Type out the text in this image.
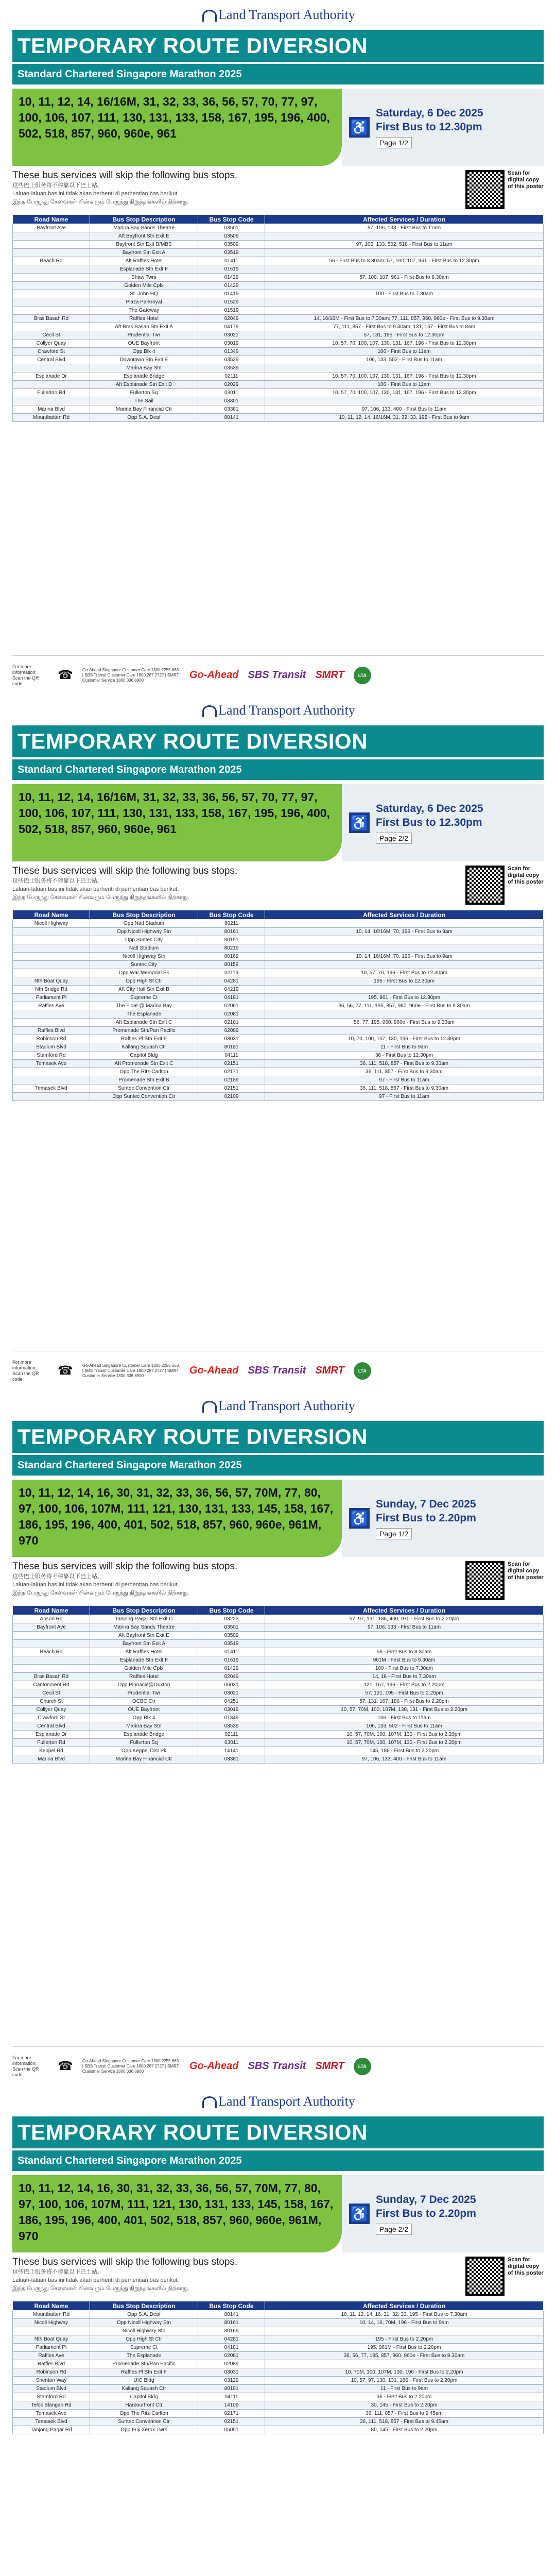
Land Transport Authority
TEMPORARY ROUTE DIVERSION
Standard Chartered Singapore Marathon 2025

10, 11, 12, 14, 16/16M, 31, 32, 33, 36, 56, 57, 70, 77, 97, 100, 106, 107, 111, 130, 131, 133, 158, 167, 195, 196, 400, 502, 518, 857, 960, 960e, 961	♿
Saturday, 6 Dec 2025
First Bus to 12.30pm
Page 1/2

These bus services will skip the following bus stops.

这些巴士服务将不停靠以下巴士站。

Laluan-laluan bas ini tidak akan berhenti di perhentian bas berikut.

இந்த பேருந்து சேவைகள் பின்வரும் பேருந்து நிறுத்தங்களில் நிற்காது.

Scan for digital copy of this poster
Road Name	Bus Stop Description	Bus Stop Code	Affected Services / Duration
Bayfront Ave	Marina Bay Sands Theatre	03501	97, 106, 133 - First Bus to 11am
	Aft Bayfront Stn Exit E	03509	
	Bayfront Stn Exit B/MBS	03509	97, 106, 133, 502, 518 - First Bus to 11am
	Bayfront Stn Exit A	03519	
Beach Rd	Aft Raffles Hotel	01411	56 - First Bus to 8.30am; 57, 100, 107, 961 - First Bus to 12.30pm
	Esplanade Stn Exit F	01619	
	Shaw Twrs	01429	57, 100, 107, 961 - First Bus to 9.30am
	Golden Mile Cplx	01429	
	St. John HQ	01419	100 - First Bus to 7.30am
	Plaza Parkroyal	01529	
	The Gateway	01519	
Bras Basah Rd	Raffles Hotel	02049	14, 16/16M - First Bus to 7.30am; 77, 111, 857, 960, 960e - First Bus to 9.30am
	Aft Bras Basah Stn Exit A	04179	77, 111, 857 - First Bus to 9.30am; 131, 167 - First Bus to 8am
Cecil St	Prudential Twr	03021	57, 131, 195 - First Bus to 12.30pm
Collyer Quay	OUE Bayfront	03019	10, 57, 70, 100, 107, 130, 131, 167, 196 - First Bus to 12.30pm
Crawford St	Opp Blk 4	01349	106 - First Bus to 11am
Central Blvd	Downtown Stn Exit E	03529	106, 133, 502 - First Bus to 11am
	Marina Bay Stn	03539	
Esplanade Dr	Esplanade Bridge	02111	10, 57, 70, 100, 107, 130, 131, 167, 196 - First Bus to 12.30pm
	Aft Esplanade Stn Exit D	02029	106 - First Bus to 11am
Fullerton Rd	Fullerton Sq	03011	10, 57, 70, 100, 107, 130, 131, 167, 196 - First Bus to 12.30pm
	The Sail	03301	
Marina Blvd	Marina Bay Financial Ctr	03381	97, 106, 133, 400 - First Bus to 11am
Mountbatten Rd	Opp S.A. Deaf	80141	10, 11, 12, 14, 16/16M, 31, 32, 33, 195 - First Bus to 9am
For more information: Scan the QR code
☎ Go-Ahead Singapore Customer Care 1800 2255 663 | SBS Transit Customer Care 1800 287 2727 | SMRT Customer Service 1800 336 8900	Go-Ahead SBS Transit SMRT	LTA
Land Transport Authority
TEMPORARY ROUTE DIVERSION
Standard Chartered Singapore Marathon 2025

10, 11, 12, 14, 16/16M, 31, 32, 33, 36, 56, 57, 70, 77, 97, 100, 106, 107, 111, 130, 131, 133, 158, 167, 195, 196, 400, 502, 518, 857, 960, 960e, 961	♿
Saturday, 6 Dec 2025
First Bus to 12.30pm
Page 2/2

These bus services will skip the following bus stops.

这些巴士服务将不停靠以下巴士站。

Laluan-laluan bas ini tidak akan berhenti di perhentian bas berikut.

இந்த பேருந்து சேவைகள் பின்வரும் பேருந்து நிறுத்தங்களில் நிற்காது.

Scan for digital copy of this poster
Road Name	Bus Stop Description	Bus Stop Code	Affected Services / Duration
Nicoll Highway	Opp Natl Stadium	80211	
	Opp Nicoll Highway Stn	80161	10, 14, 16/16M, 70, 196 - First Bus to 9am
	Opp Suntec City	80151	
	Natl Stadium	80219	
	Nicoll Highway Stn	80169	10, 14, 16/16M, 70, 196 - First Bus to 9am
	Suntec City	80159	
	Opp War Memorial Pk	02119	10, 57, 70, 196 - First Bus to 12.30pm
Nth Boat Quay	Opp High St Ctr	04281	195 - First Bus to 12.30pm
Nth Bridge Rd	Aft City Hall Stn Exit B	04219	
Parliament Pl	Supreme Ct	04181	195, 961 - First Bus to 12.30pm
Raffles Ave	The Float @ Marina Bay	02061	36, 56, 77, 111, 195, 857, 960, 960e - First Bus to 9.30am
	The Esplanade	02081	
	Aft Esplanade Stn Exit C	02101	56, 77, 195, 960, 960e - First Bus to 9.30am
Raffles Blvd	Promenade Stn/Pan Pacific	02089	
Robinson Rd	Raffles Pl Stn Exit F	03031	10, 70, 100, 107, 130, 196 - First Bus to 12.30pm
Stadium Blvd	Kallang Squash Ctr	80181	11 - First Bus to 9am
Stamford Rd	Capitol Bldg	04111	36 - First Bus to 12.30pm
Temasek Ave	Aft Promenade Stn Exit C	02151	36, 111, 518, 857 - First Bus to 9.30am
	Opp The Ritz-Carlton	02171	36, 111, 857 - First Bus to 9.30am
	Promenade Stn Exit B	02189	97 - First Bus to 11am
Temasek Blvd	Suntec Convention Ctr	02151	36, 111, 518, 857 - First Bus to 9.30am
	Opp Suntec Convention Ctr	02109	97 - First Bus to 11am
For more information: Scan the QR code
☎ Go-Ahead Singapore Customer Care 1800 2255 663 | SBS Transit Customer Care 1800 287 2727 | SMRT Customer Service 1800 336 8900	Go-Ahead SBS Transit SMRT	LTA
Land Transport Authority
TEMPORARY ROUTE DIVERSION
Standard Chartered Singapore Marathon 2025

10, 11, 12, 14, 16, 30, 31, 32, 33, 36, 56, 57, 70M, 77, 80, 97, 100, 106, 107M, 111, 121, 130, 131, 133, 145, 158, 167, 186, 195, 196, 400, 401, 502, 518, 857, 960, 960e, 961M, 970

♿
Sunday, 7 Dec 2025
First Bus to 2.20pm
Page 1/2

These bus services will skip the following bus stops.

这些巴士服务将不停靠以下巴士站。

Laluan-laluan bas ini tidak akan berhenti di perhentian bas berikut.

இந்த பேருந்து சேவைகள் பின்வரும் பேருந்து நிறுத்தங்களில் நிற்காது.

Scan for digital copy of this poster
Road Name	Bus Stop Description	Bus Stop Code	Affected Services / Duration
Anson Rd	Tanjong Pagar Stn Exit C	03223	57, 97, 131, 186, 400, 970 - First Bus to 2.20pm
Bayfront Ave	Marina Bay Sands Theatre	03501	97, 106, 133 - First Bus to 11am
	Aft Bayfront Stn Exit E	03509	
	Bayfront Stn Exit A	03519	
Beach Rd	Aft Raffles Hotel	01411	56 - First Bus to 8.30am
	Esplanade Stn Exit F	01619	961M - First Bus to 9.30am
	Golden Mile Cplx	01429	100 - First Bus to 7.30am
Bras Basah Rd	Raffles Hotel	02049	14, 16 - First Bus to 7.30am
Cantonment Rd	Opp Pinnacle@Duxton	06031	121, 167, 196 - First Bus to 2.20pm
Cecil St	Prudential Twr	03021	57, 131, 195 - First Bus to 2.20pm
Church St	OCBC Ctr	04251	57, 131, 167, 186 - First Bus to 2.20pm
Collyer Quay	OUE Bayfront	03019	10, 57, 70M, 100, 107M, 130, 131 - First Bus to 2.20pm
Crawford St	Opp Blk 4	01349	106 - First Bus to 11am
Central Blvd	Marina Bay Stn	03539	106, 133, 502 - First Bus to 11am
Esplanade Dr	Esplanade Bridge	02111	10, 57, 70M, 100, 107M, 130 - First Bus to 2.20pm
Fullerton Rd	Fullerton Sq	03011	10, 57, 70M, 100, 107M, 130 - First Bus to 2.20pm
Keppel Rd	Opp Keppel Dist Pk	14141	145, 186 - First Bus to 2.20pm
Marina Blvd	Marina Bay Financial Ctr	03381	97, 106, 133, 400 - First Bus to 11am
For more information: Scan the QR code
☎ Go-Ahead Singapore Customer Care 1800 2255 663 | SBS Transit Customer Care 1800 287 2727 | SMRT Customer Service 1800 336 8900	Go-Ahead SBS Transit SMRT	LTA
Land Transport Authority
TEMPORARY ROUTE DIVERSION
Standard Chartered Singapore Marathon 2025

10, 11, 12, 14, 16, 30, 31, 32, 33, 36, 56, 57, 70M, 77, 80, 97, 100, 106, 107M, 111, 121, 130, 131, 133, 145, 158, 167, 186, 195, 196, 400, 401, 502, 518, 857, 960, 960e, 961M, 970

♿
Sunday, 7 Dec 2025
First Bus to 2.20pm
Page 2/2

These bus services will skip the following bus stops.

这些巴士服务将不停靠以下巴士站。

Laluan-laluan bas ini tidak akan berhenti di perhentian bas berikut.

இந்த பேருந்து சேவைகள் பின்வரும் பேருந்து நிறுத்தங்களில் நிற்காது.

Scan for digital copy of this poster
Road Name	Bus Stop Description	Bus Stop Code	Affected Services / Duration
Mountbatten Rd	Opp S.A. Deaf	80141	10, 11, 12, 14, 16, 31, 32, 33, 195 - First Bus to 7.30am
Nicoll Highway	Opp Nicoll Highway Stn	80161	10, 14, 16, 70M, 196 - First Bus to 9am
	Nicoll Highway Stn	80169	
Nth Boat Quay	Opp High St Ctr	04281	195 - First Bus to 2.20pm
Parliament Pl	Supreme Ct	04181	195, 961M - First Bus to 2.20pm
Raffles Ave	The Esplanade	02081	36, 56, 77, 195, 857, 960, 960e - First Bus to 9.30am
Raffles Blvd	Promenade Stn/Pan Pacific	02089	
Robinson Rd	Raffles Pl Stn Exit F	03031	10, 70M, 100, 107M, 130, 196 - First Bus to 2.20pm
Shenton Way	UIC Bldg	03129	10, 57, 97, 130, 131, 186 - First Bus to 2.20pm
Stadium Blvd	Kallang Squash Ctr	80181	11 - First Bus to 9am
Stamford Rd	Capitol Bldg	04111	36 - First Bus to 2.20pm
Telok Blangah Rd	Harbourfront Ctr	14109	30, 145 - First Bus to 2.20pm
Temasek Ave	Opp The Ritz-Carlton	02171	36, 111, 857 - First Bus to 9.45am
Temasek Blvd	Suntec Convention Ctr	02151	36, 111, 518, 857 - First Bus to 9.45am
Tanjong Pagar Rd	Opp Fuji Xerox Twrs	05051	80, 145 - First Bus to 2.20pm
